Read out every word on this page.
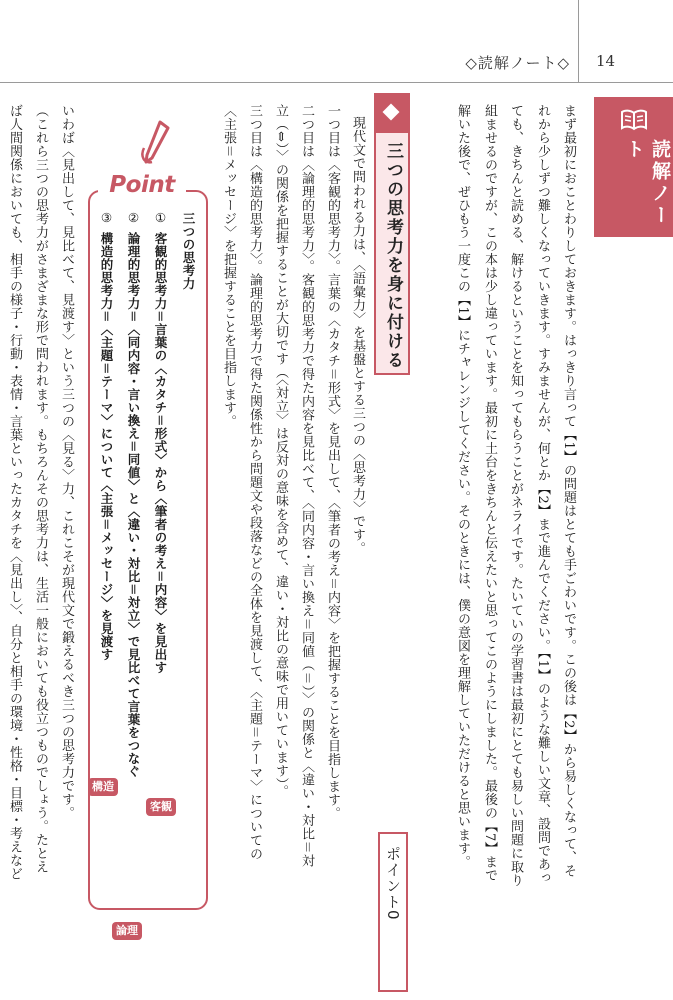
◇読解ノート◇ 14
読解ノート
まず最初におことわりしておきます。はっきり言って【1】の問題はとても手ごわいです。この後は【2】から易しくなって、そ
れから少しずつ難しくなっていきます。すみませんが、何とか【2】まで進んでください。【1】のような難しい文章、設問であっ
ても、きちんと読める、解けるということを知ってもらうことがネライです。たいていの学習書は最初にとても易しい問題に取り
組ませるのですが、この本は少し違っています。最初に土台をきちんと伝えたいと思ってこのようにしました。最後の【7】まで
解いた後で、ぜひもう一度この【1】にチャレンジしてください。そのときには、僕の意図を理解していただけると思います。
三つの思考力を身に付ける
ポイント0
現代文で問われる力は、〈語彙力〉を基盤とする三つの〈思考力〉です。
一つ目は〈客観的思考力〉。言葉の〈カタチ＝形式〉を見出して、〈筆者の考え＝内容〉を把握することを目指します。
二つ目は〈論理的思考力〉。客観的思考力で得た内容を見比べて、〈同内容・言い換え＝同値（＝）〉の関係と〈違い・対比＝対
立（⇔）〉の関係を把握することが大切です（〈対立〉は反対の意味を含めて、違い・対比の意味で用いています）。
三つ目は〈構造的思考力〉。論理的思考力で得た関係性から問題文や段落などの全体を見渡して、〈主題＝テーマ〉についての
〈主張＝メッセージ〉を把握することを目指します。
Point
三つの思考力
①
客観的思考力＝言葉の〈カタチ＝形式〉から〈筆者の考え＝内容〉を見出す
客観
②
論理的思考力＝〈同内容・言い換え＝同値〉と〈違い・対比＝対立〉で見比べて言葉をつなぐ
論理
③
構造的思考力＝〈主題＝テーマ〉について〈主張＝メッセージ〉を見渡す
構造
いわば〈見出して、見比べて、見渡す〉という三つの〈見る〉力、これこそが現代文で鍛えるべき三つの思考力です。
（これら三つの思考力がさまざまな形で問われます。もちろんその思考力は、生活一般においても役立つものでしょう。たとえ
ば人間関係においても、相手の様子・行動・表情・言葉といったカタチを〈見出し〉、自分と相手の環境・性格・目標・考えなど
